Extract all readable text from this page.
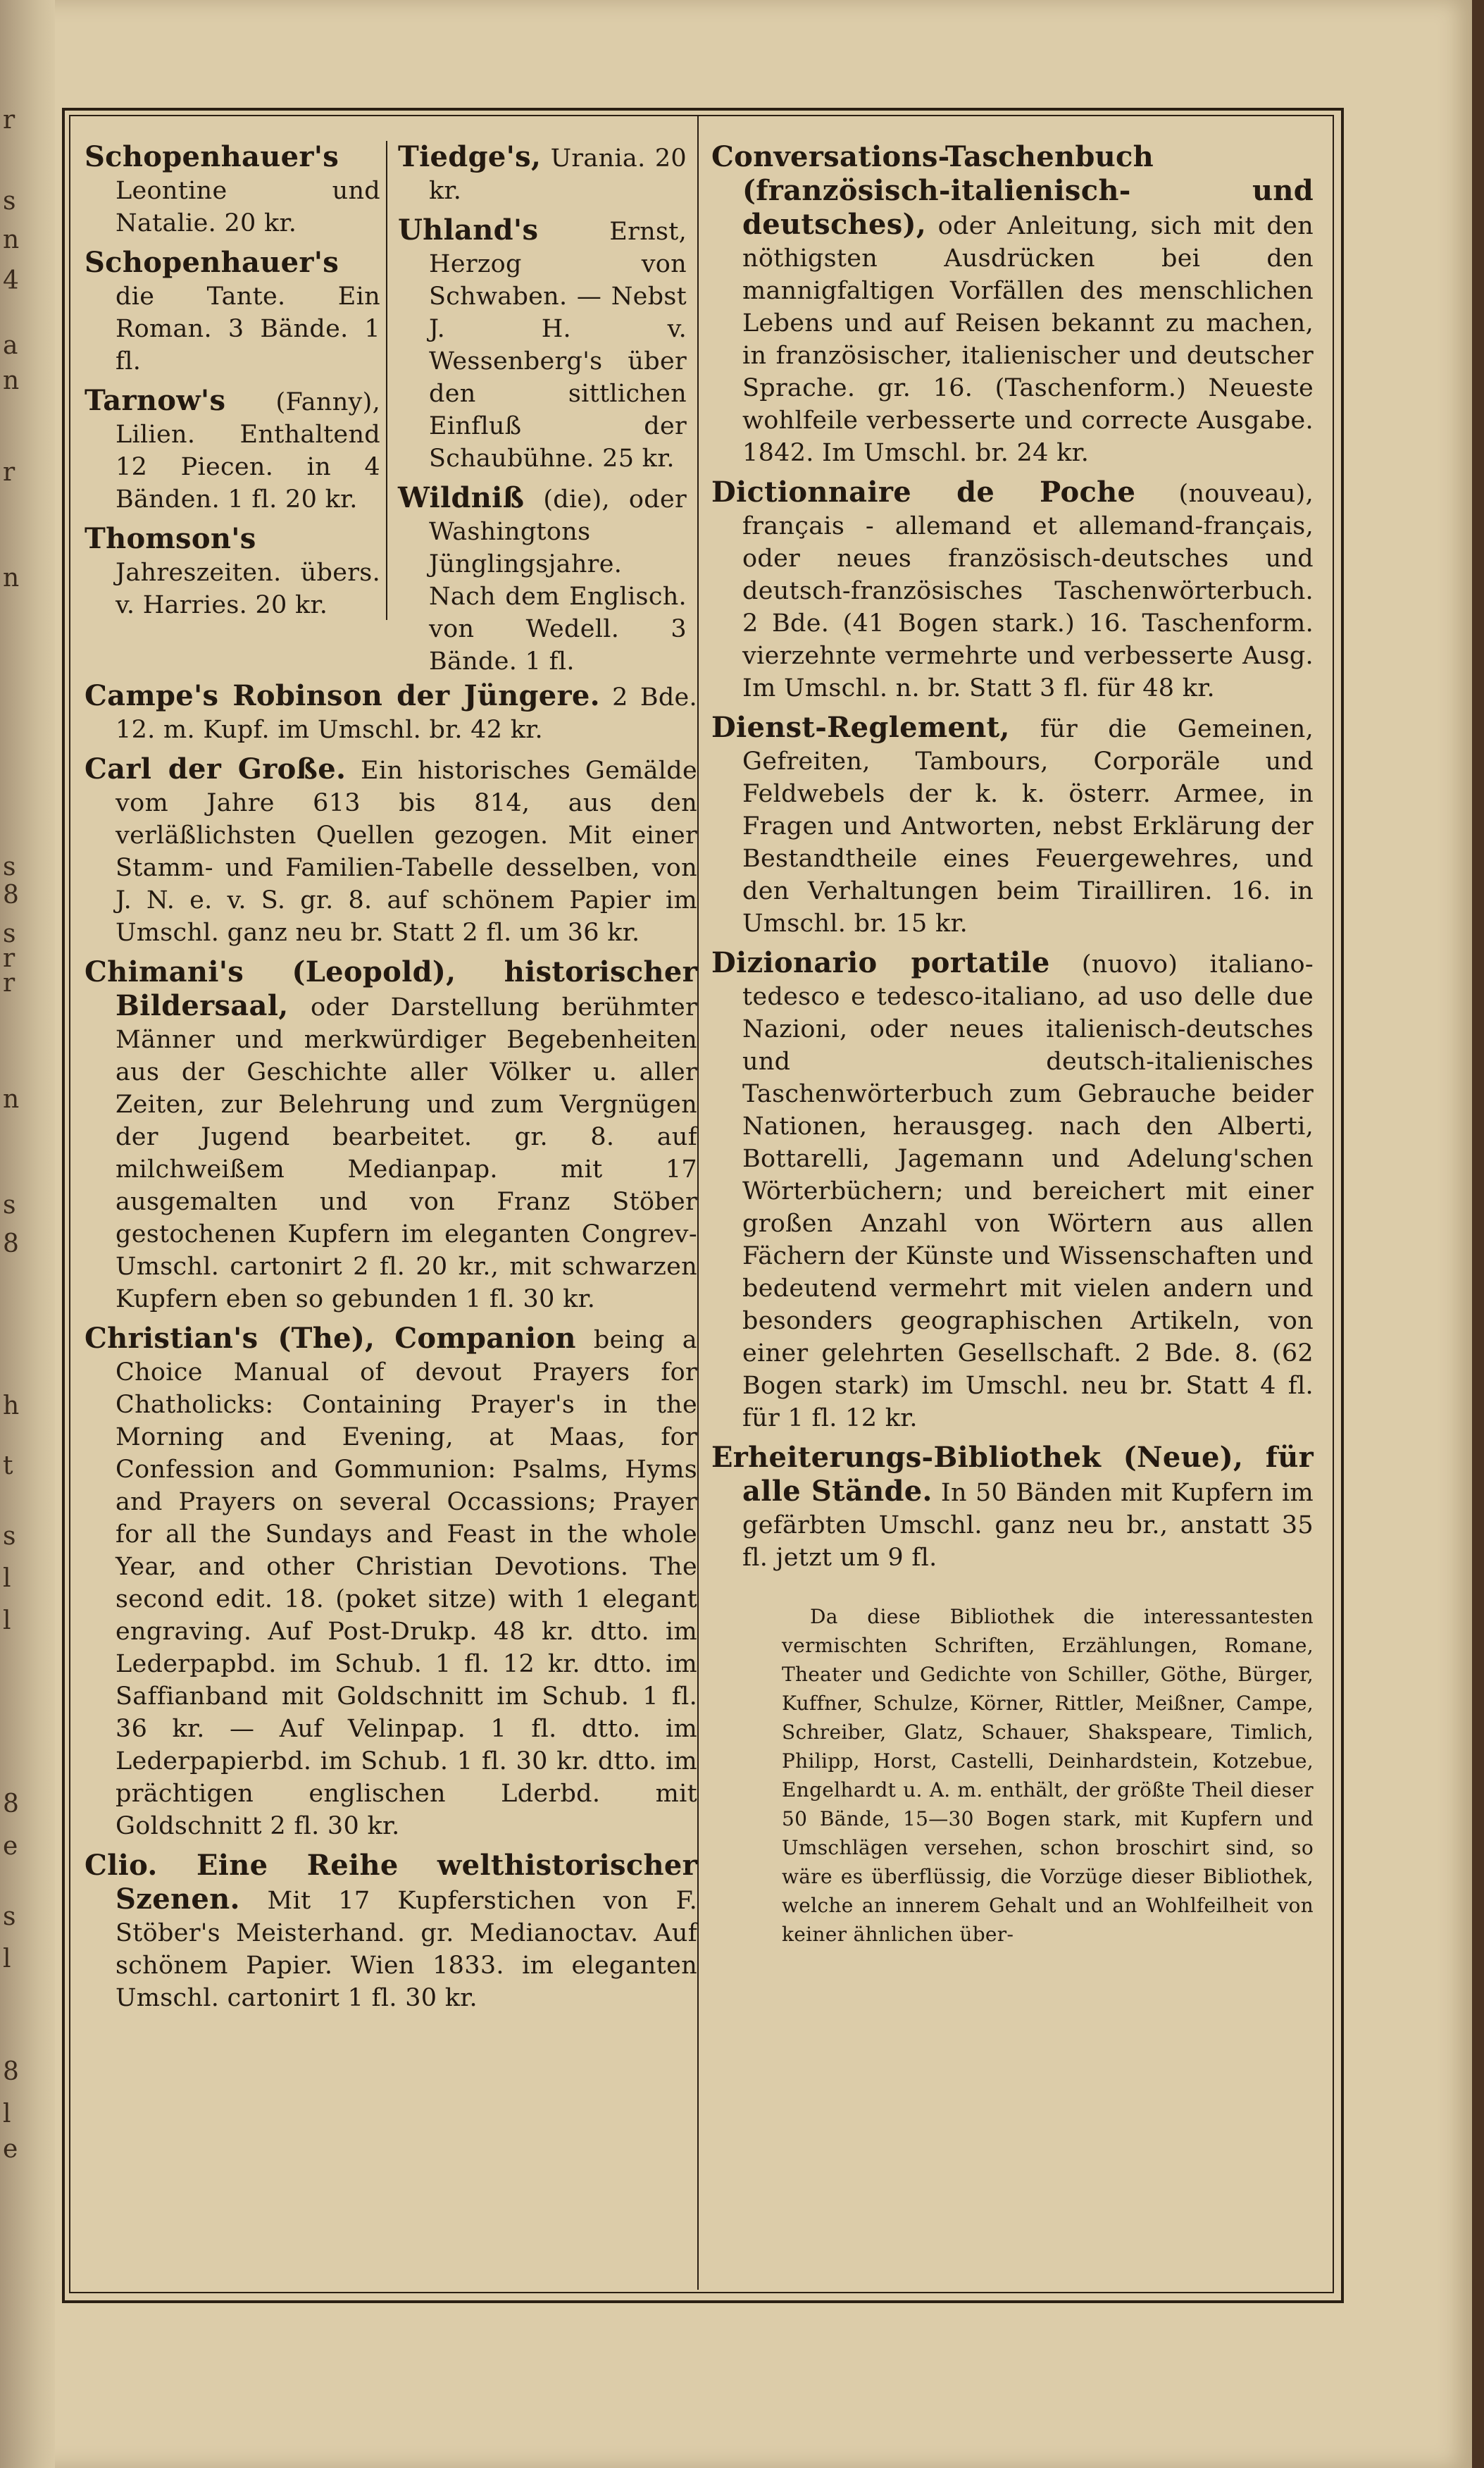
r
s
n
4
a
n
r
n
s
8
s
r
r
n
s
8
h
t
s
l
l
8
e
s
l
8
l
e

Schopenhauer's Leontine und Natalie. 20 kr.

Schopenhauer's die Tante. Ein Roman. 3 Bände. 1 fl.

Tarnow's (Fanny), Lilien. Enthaltend 12 Piecen. in 4 Bänden. 1 fl. 20 kr.

Thomson's Jahreszeiten. übers. v. Harries. 20 kr.

Tiedge's, Urania. 20 kr.

Uhland's	Ernst, Herzog von Schwaben. — Nebst J. H. v. Wessenberg's über den sittlichen Einfluß der Schaubühne. 25 kr.

Wildniß (die), oder Washingtons Jünglingsjahre. Nach dem Englisch. von Wedell. 3 Bände. 1 fl.

Campe's Robinson der Jüngere. 2 Bde. 12. m. Kupf. im Umschl. br. 42 kr.

Carl der Große. Ein historisches Gemälde vom Jahre 613 bis 814, aus den verläßlichsten Quellen gezogen. Mit einer Stamm- und Familien-Tabelle desselben, von J. N. e. v. S. gr. 8. auf schönem Papier im Umschl. ganz neu br. Statt 2 fl. um 36 kr.

Chimani's (Leopold), historischer Bildersaal, oder Darstellung berühmter Männer und merkwürdiger Begebenheiten aus der Geschichte aller Völker u. aller Zeiten, zur Belehrung und zum Vergnügen der Jugend bearbeitet. gr. 8. auf milchweißem Medianpap. mit 17 ausgemalten und von Franz Stöber gestochenen Kupfern im eleganten Congrev-Umschl. cartonirt 2 fl. 20 kr., mit schwarzen Kupfern eben so gebunden 1 fl. 30 kr.

Christian's (The), Companion being a Choice Manual of devout Prayers for Chatholicks: Containing Prayer's in the Morning and Evening, at Maas, for Confession and Gommunion: Psalms, Hyms and Prayers on several Occassions; Prayer for all the Sundays and Feast in the whole Year, and other Christian Devotions. The second edit. 18. (poket sitze) with 1 elegant engraving. Auf Post-Drukp. 48 kr. dtto. im Lederpapbd. im Schub. 1 fl. 12 kr. dtto. im Saffianband mit Goldschnitt im Schub. 1 fl. 36 kr. — Auf Velinpap. 1 fl. dtto. im Lederpapierbd. im Schub. 1 fl. 30 kr. dtto. im prächtigen englischen Lderbd. mit Goldschnitt 2 fl. 30 kr.

Clio. Eine Reihe welthistorischer Szenen. Mit 17 Kupferstichen von F. Stöber's Meisterhand. gr. Medianoctav. Auf schönem Papier. Wien 1833. im eleganten Umschl. cartonirt 1 fl. 30 kr.

Conversations-Taschenbuch (französisch-italienisch- und deutsches), oder Anleitung, sich mit den nöthigsten Ausdrücken bei den mannigfaltigen Vorfällen des menschlichen Lebens und auf Reisen bekannt zu machen, in französischer, italienischer und deutscher Sprache. gr. 16. (Taschenform.) Neueste wohlfeile verbesserte und correcte Ausgabe. 1842. Im Umschl. br. 24 kr.

Dictionnaire de Poche (nouveau), français - allemand et allemand-français, oder neues französisch-deutsches und deutsch-französisches Taschenwörterbuch. 2 Bde. (41 Bogen stark.) 16. Taschenform. vierzehnte vermehrte und verbesserte Ausg. Im Umschl. n. br. Statt 3 fl. für 48 kr.

Dienst-Reglement, für die Gemeinen, Gefreiten, Tambours, Corporäle und Feldwebels der k. k. österr. Armee, in Fragen und Antworten, nebst Erklärung der Bestandtheile eines Feuergewehres, und den Verhaltungen beim Tirailliren. 16. in Umschl. br. 15 kr.

Dizionario portatile (nuovo) italiano-tedesco e tedesco-italiano, ad uso delle due Nazioni, oder neues italienisch-deutsches und deutsch-italienisches Taschenwörterbuch zum Gebrauche beider Nationen, herausgeg. nach den Alberti, Bottarelli, Jagemann und Adelung'schen Wörterbüchern; und bereichert mit einer großen Anzahl von Wörtern aus allen Fächern der Künste und Wissenschaften und bedeutend vermehrt mit vielen andern und besonders geographischen Artikeln, von einer gelehrten Gesellschaft. 2 Bde. 8. (62 Bogen stark) im Umschl. neu br. Statt 4 fl. für 1 fl. 12 kr.

Erheiterungs-Bibliothek (Neue), für alle Stände. In 50 Bänden mit Kupfern im gefärbten Umschl. ganz neu br., anstatt 35 fl. jetzt um 9 fl.

Da diese Bibliothek die interessantesten vermischten Schriften, Erzählungen, Romane, Theater und Gedichte von Schiller, Göthe, Bürger, Kuffner, Schulze, Körner, Rittler, Meißner, Campe, Schreiber, Glatz, Schauer, Shakspeare, Timlich, Philipp, Horst, Castelli, Deinhardstein, Kotzebue, Engelhardt u. A. m. enthält, der größte Theil dieser 50 Bände, 15—30 Bogen stark, mit Kupfern und Umschlägen versehen, schon broschirt sind, so wäre es überflüssig, die Vorzüge dieser Bibliothek, welche an innerem Gehalt und an Wohlfeilheit von keiner ähnlichen über-
